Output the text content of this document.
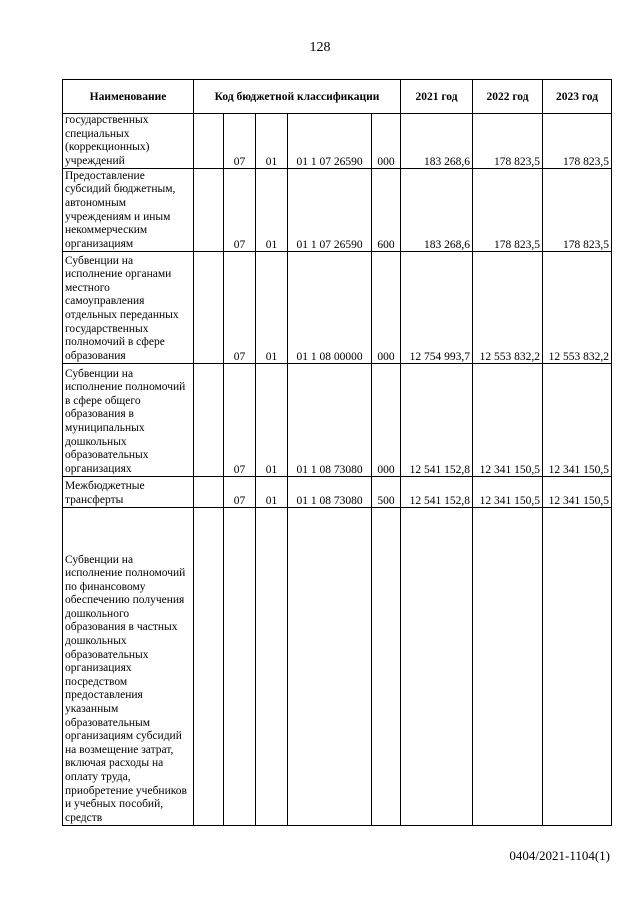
128
Наименование	Код бюджетной классификации					2021 год	2022 год	2023 год
государственных специальных (коррекционных) учреждений		07	01	01 1 07 26590	000	183 268,6	178 823,5	178 823,5
Предоставление субсидий бюджетным, автономным учреждениям и иным некоммерческим организациям		07	01	01 1 07 26590	600	183 268,6	178 823,5	178 823,5
Субвенции на исполнение органами местного самоуправления отдельных переданных государственных полномочий в сфере образования		07	01	01 1 08 00000	000	12 754 993,7	12 553 832,2	12 553 832,2
Субвенции на исполнение полномочий в сфере общего образования в муниципальных дошкольных образовательных организациях		07	01	01 1 08 73080	000	12 541 152,8	12 341 150,5	12 341 150,5
Межбюджетные трансферты		07	01	01 1 08 73080	500	12 541 152,8	12 341 150,5	12 341 150,5
Субвенции на исполнение полномочий по финансовому обеспечению получения дошкольного образования в частных дошкольных образовательных организациях посредством предоставления указанным образовательным организациям субсидий на возмещение затрат, включая расходы на оплату труда, приобретение учебников и учебных пособий, средств								
0404/2021-1104(1)
